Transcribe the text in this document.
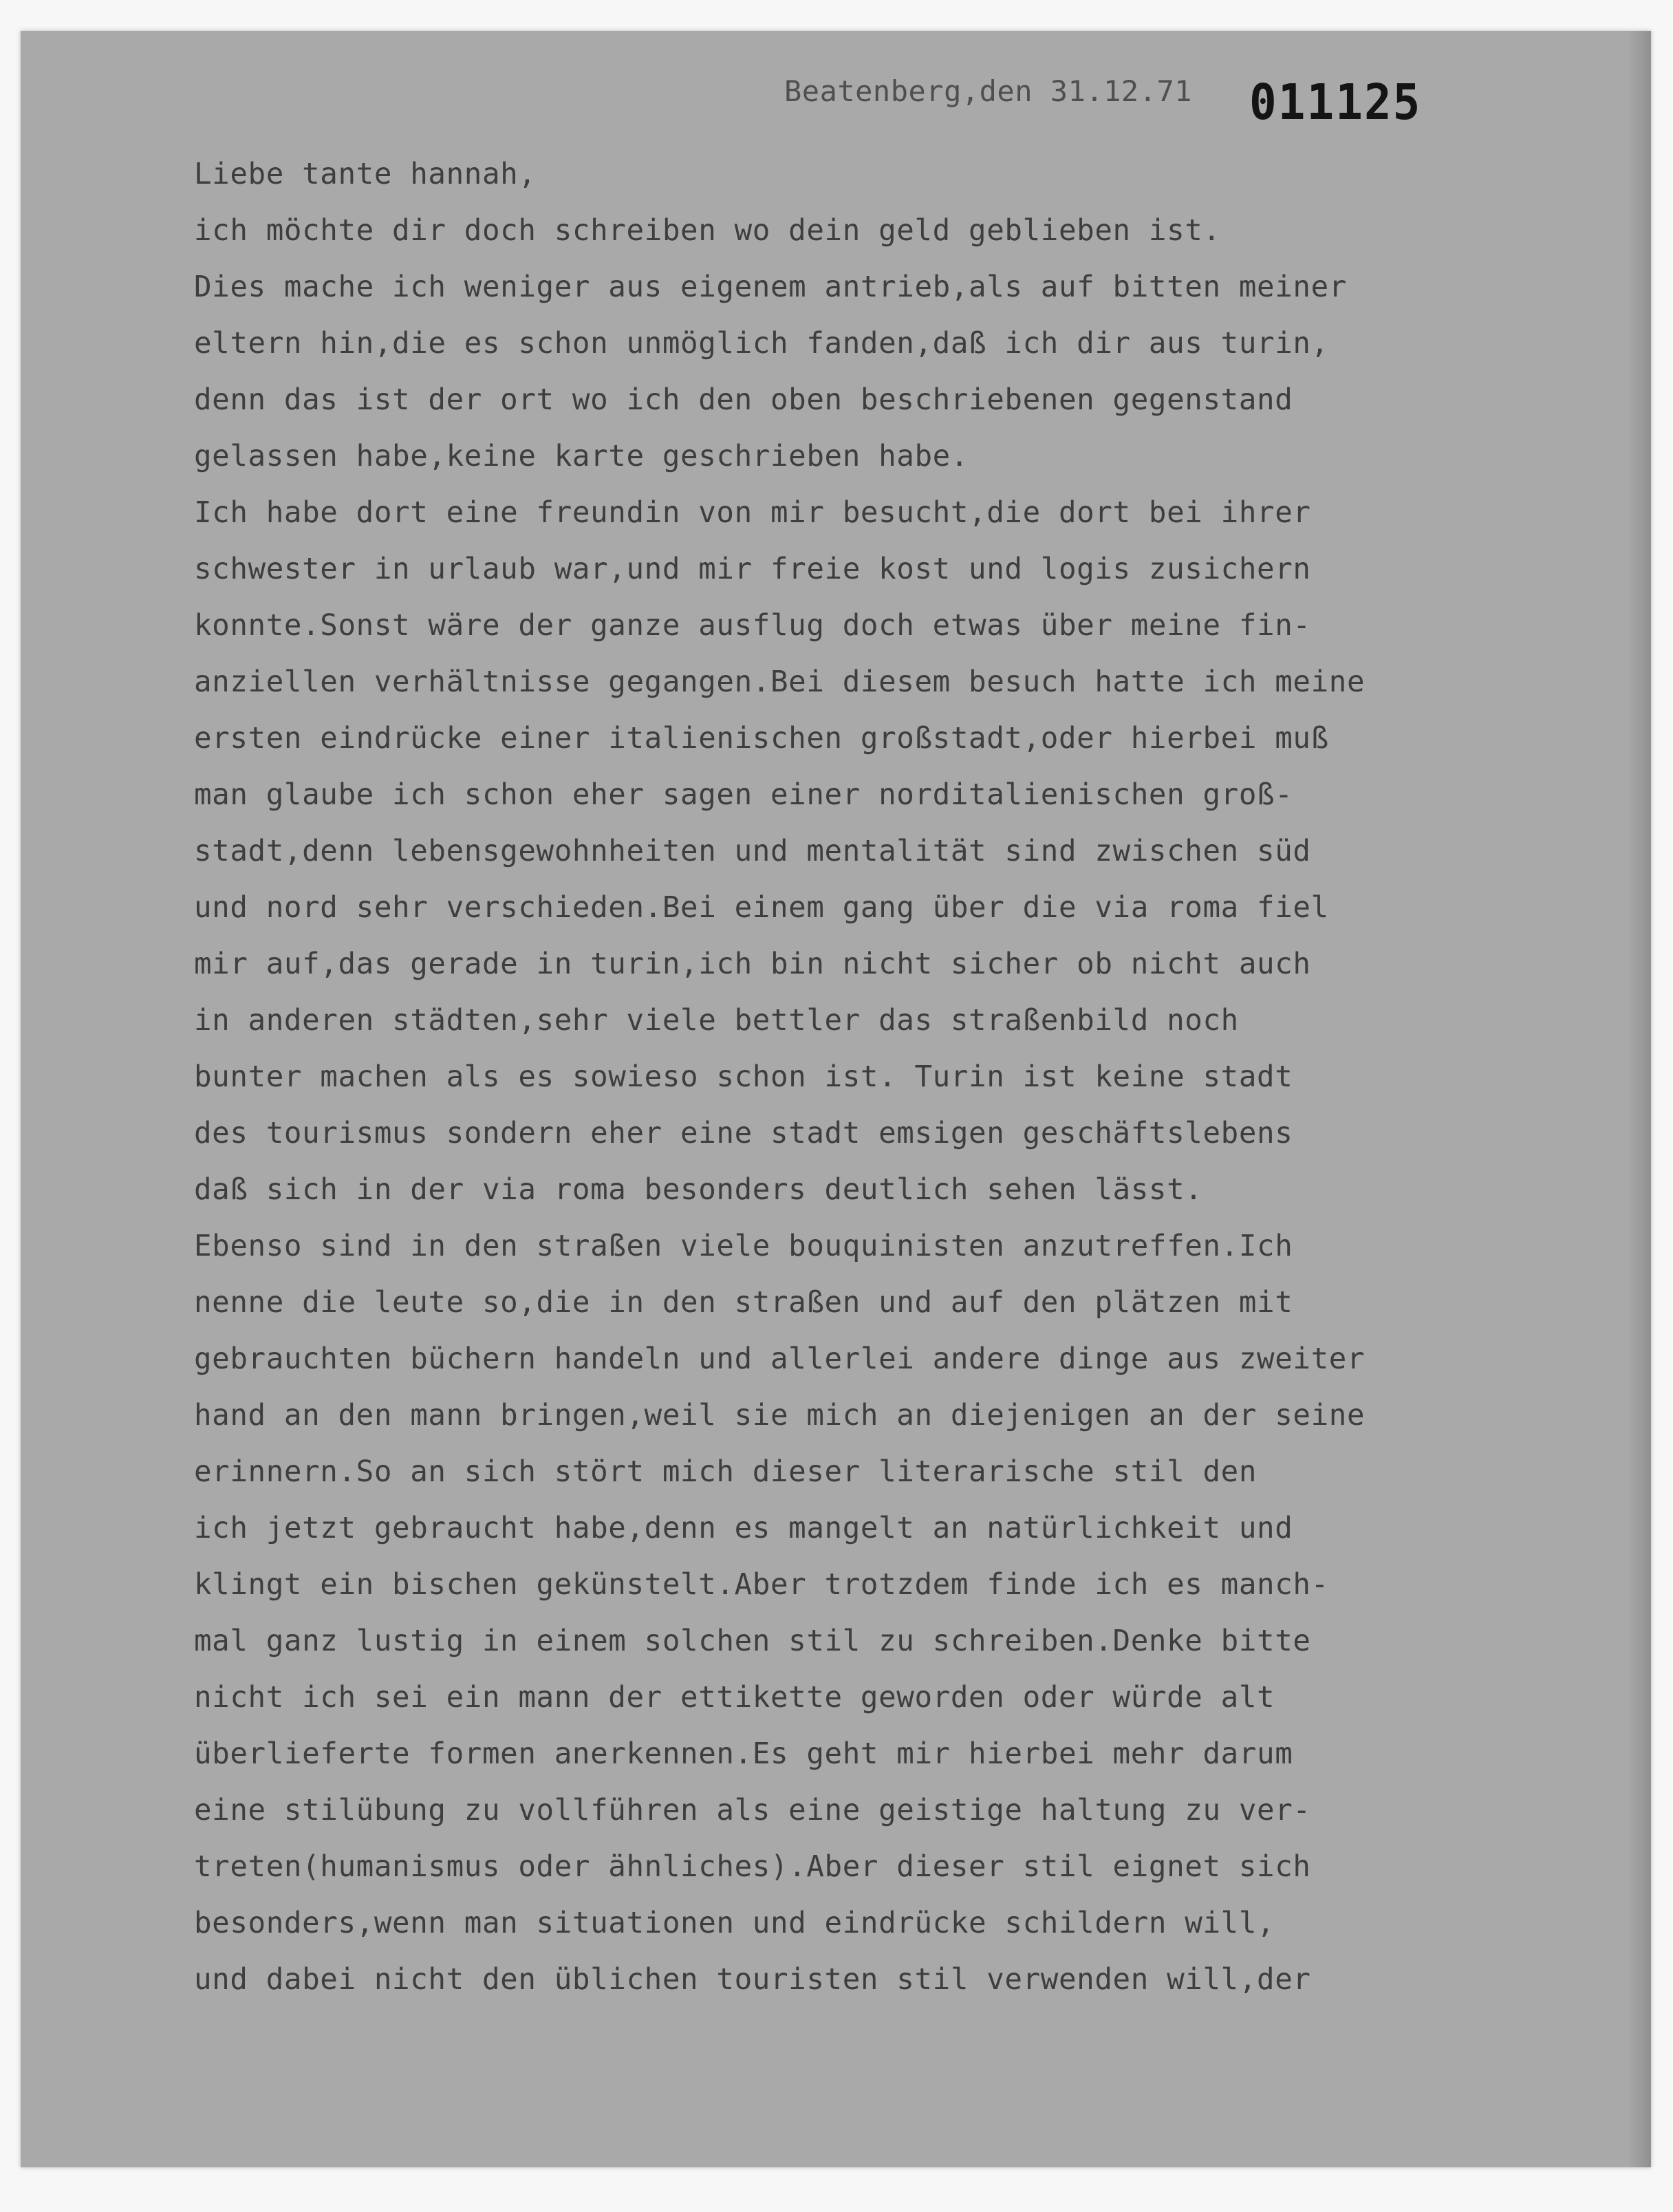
Beatenberg,den 31.12.71 011125
Liebe tante hannah,
ich möchte dir doch schreiben wo dein geld geblieben ist.
Dies mache ich weniger aus eigenem antrieb,als auf bitten meiner
eltern hin,die es schon unmöglich fanden,daß ich dir aus turin,
denn das ist der ort wo ich den oben beschriebenen gegenstand
gelassen habe,keine karte geschrieben habe.
Ich habe dort eine freundin von mir besucht,die dort bei ihrer
schwester in urlaub war,und mir freie kost und logis zusichern
konnte.Sonst wäre der ganze ausflug doch etwas über meine fin-
anziellen verhältnisse gegangen.Bei diesem besuch hatte ich meine
ersten eindrücke einer italienischen großstadt,oder hierbei muß
man glaube ich schon eher sagen einer norditalienischen groß-
stadt,denn lebensgewohnheiten und mentalität sind zwischen süd
und nord sehr verschieden.Bei einem gang über die via roma fiel
mir auf,das gerade in turin,ich bin nicht sicher ob nicht auch
in anderen städten,sehr viele bettler das straßenbild noch
bunter machen als es sowieso schon ist. Turin ist keine stadt
des tourismus sondern eher eine stadt emsigen geschäftslebens
daß sich in der via roma besonders deutlich sehen lässt.
Ebenso sind in den straßen viele bouquinisten anzutreffen.Ich
nenne die leute so,die in den straßen und auf den plätzen mit
gebrauchten büchern handeln und allerlei andere dinge aus zweiter
hand an den mann bringen,weil sie mich an diejenigen an der seine
erinnern.So an sich stört mich dieser literarische stil den
ich jetzt gebraucht habe,denn es mangelt an natürlichkeit und
klingt ein bischen gekünstelt.Aber trotzdem finde ich es manch-
mal ganz lustig in einem solchen stil zu schreiben.Denke bitte
nicht ich sei ein mann der ettikette geworden oder würde alt
überlieferte formen anerkennen.Es geht mir hierbei mehr darum
eine stilübung zu vollführen als eine geistige haltung zu ver-
treten(humanismus oder ähnliches).Aber dieser stil eignet sich
besonders,wenn man situationen und eindrücke schildern will,
und dabei nicht den üblichen touristen stil verwenden will,der
